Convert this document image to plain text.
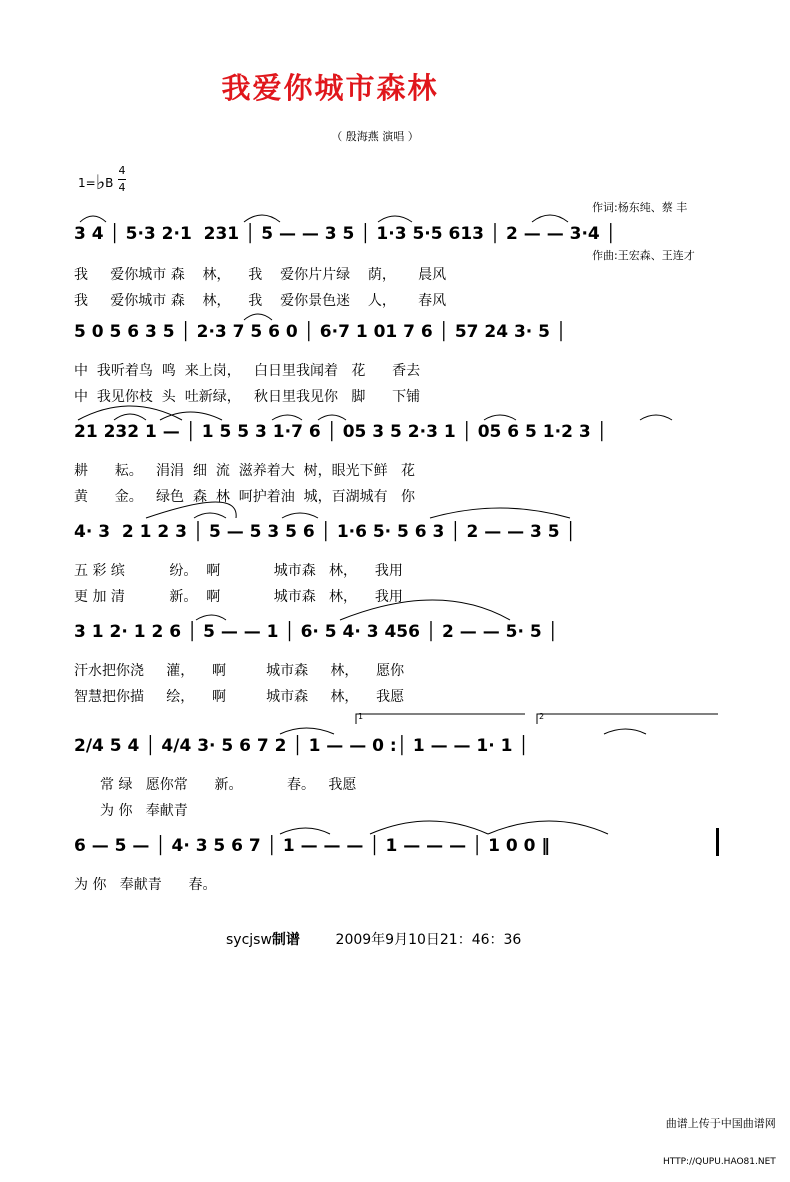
我爱你城市森林
（ 殷海燕 演唱 ）
1=♭B
4
4

作词:杨东纯、蔡 丰

作曲:王宏森、王连才

3 4 │ 5·3 2·1  231 │ 5 — — 3 5 │ 1·3 5·5 613 │ 2 — — 3·4 │
我     爱你城市 森    林，    我    爱你片片绿    荫，     晨风
我     爱你城市 森    林，    我    爱你景色迷    人，     春风
5 0 5 6 3 5 │ 2·3 7 5 6 0 │ 6·7 1 01 7 6 │ 57 24 3· 5 │
中  我听着鸟  鸣  来上岗，   白日里我闻着   花      香去
中  我见你枝  头  吐新绿，   秋日里我见你   脚      下铺
21 232 1 — │ 1 5 5 3 1·7 6 │ 05 3 5 2·3 1 │ 05 6 5 1·2 3 │
耕      耘。   涓涓  细  流  滋养着大  树，眼光下鲜   花
黄      金。   绿色  森  林  呵护着油  城，百湖城有   你
4· 3  2 1 2 3 │ 5 — 5 3 5 6 │ 1·6 5· 5 6 3 │ 2 — — 3 5 │
五 彩 缤          纷。  啊            城市森   林，    我用
更 加 清          新。  啊            城市森   林，    我用
3 1 2· 1 2 6 │ 5 — — 1 │ 6· 5 4· 3 456 │ 2 — — 5· 5 │
汗水把你浇     灌，    啊         城市森     林，    愿你
智慧把你描     绘，    啊         城市森     林，    我愿
1	2
2/4 5 4 │ 4/4 3· 5 6 7 2 │ 1 — — 0 :│ 1 — — 1· 1 │
常 绿   愿你常      新。          春。   我愿
为 你   奉献青
6 — 5 — │ 4· 3 5 6 7 │ 1 — — — │ 1 — — — │ 1 0 0 ‖
为 你   奉献青      春。
sycjsw制谱	2009年9月10日21：46：36

曲谱上传于中国曲谱网

HTTP://QUPU.HAO81.NET
